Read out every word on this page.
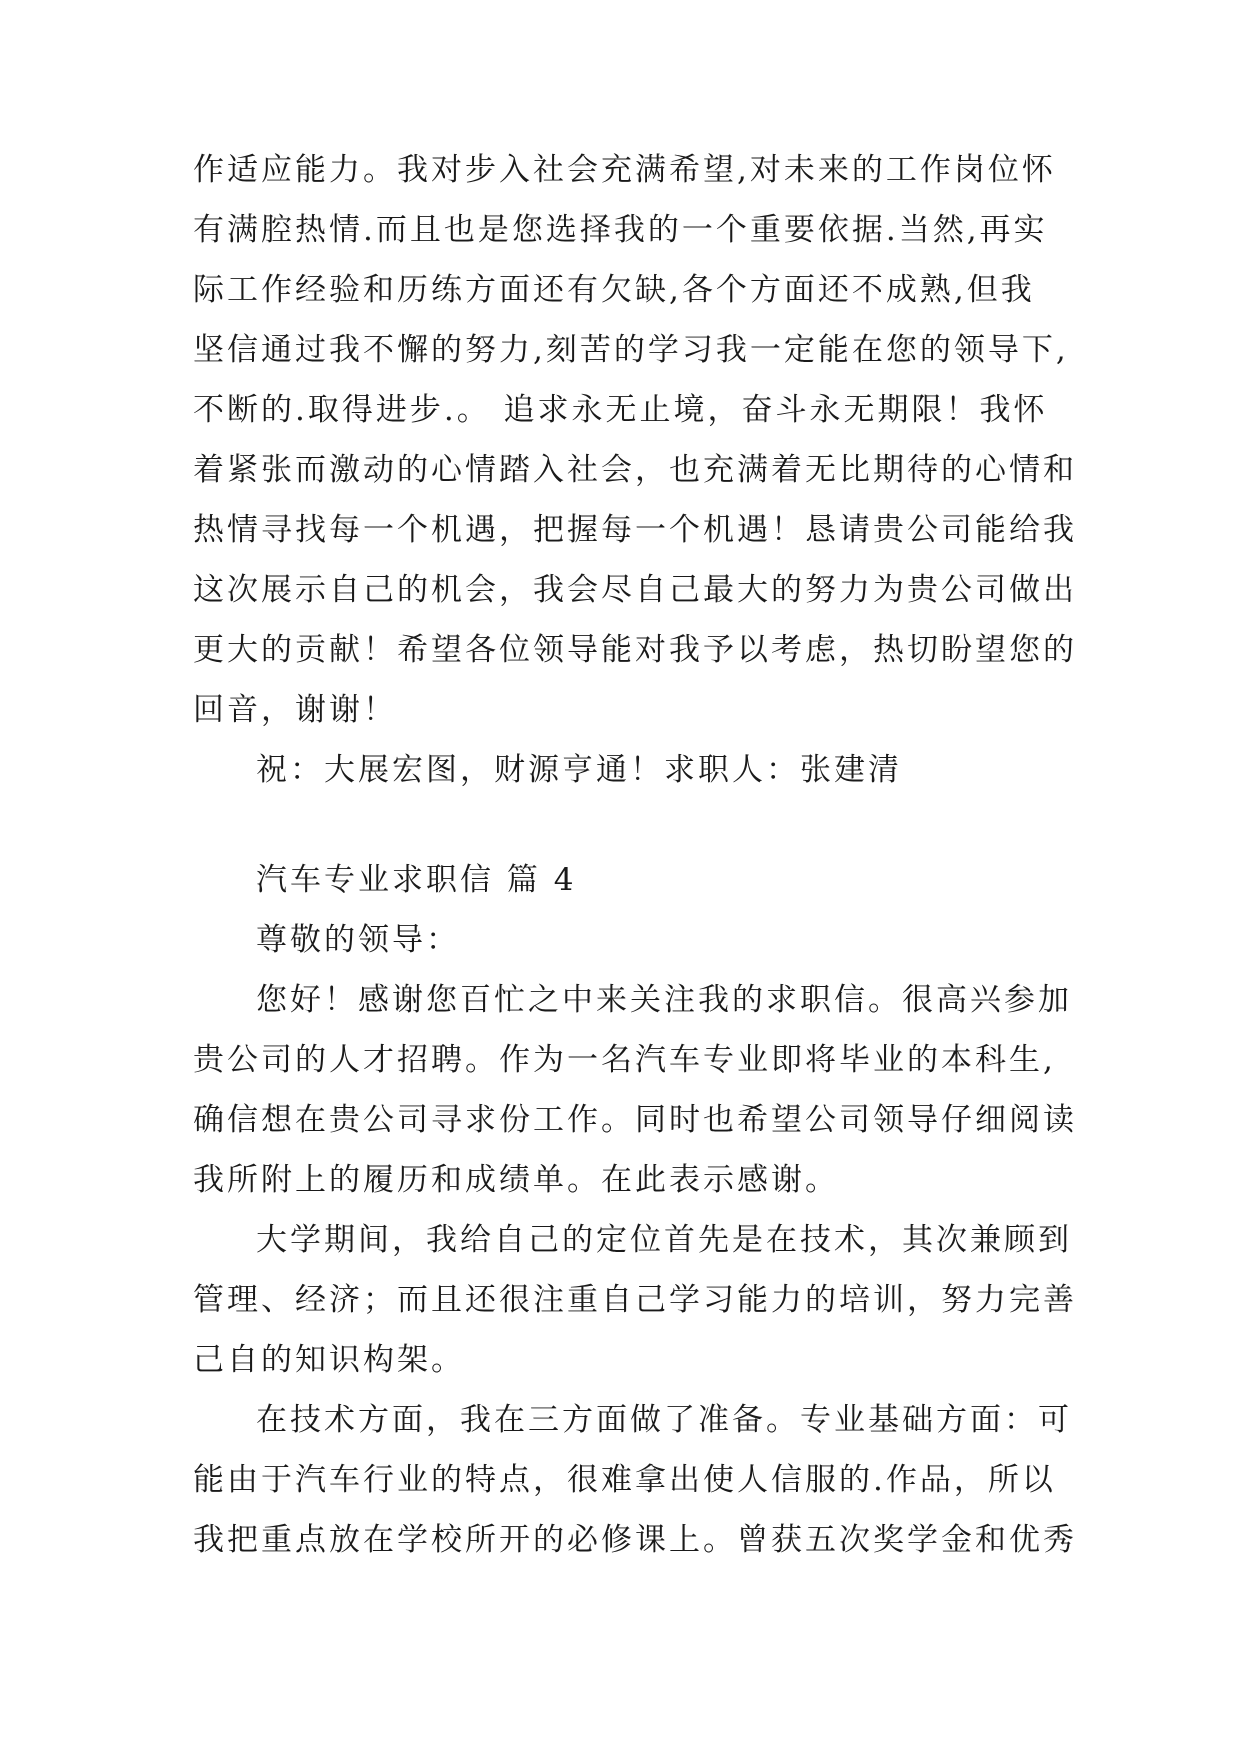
作适应能力。我对步入社会充满希望,对未来的工作岗位怀
有满腔热情.而且也是您选择我的一个重要依据.当然,再实
际工作经验和历练方面还有欠缺,各个方面还不成熟,但我
坚信通过我不懈的努力,刻苦的学习我一定能在您的领导下,
不断的.取得进步.。 追求永无止境，奋斗永无期限！我怀
着紧张而激动的心情踏入社会，也充满着无比期待的心情和
热情寻找每一个机遇，把握每一个机遇！恳请贵公司能给我
这次展示自己的机会，我会尽自己最大的努力为贵公司做出
更大的贡献！希望各位领导能对我予以考虑，热切盼望您的
回音，谢谢！
祝：大展宏图，财源亨通！求职人：张建清
汽车专业求职信 篇 4
尊敬的领导：
您好！感谢您百忙之中来关注我的求职信。很高兴参加
贵公司的人才招聘。作为一名汽车专业即将毕业的本科生,
确信想在贵公司寻求份工作。同时也希望公司领导仔细阅读
我所附上的履历和成绩单。在此表示感谢。
大学期间，我给自己的定位首先是在技术，其次兼顾到
管理、经济；而且还很注重自己学习能力的培训，努力完善
己自的知识构架。
在技术方面，我在三方面做了准备。专业基础方面：可
能由于汽车行业的特点，很难拿出使人信服的.作品，所以
我把重点放在学校所开的必修课上。曾获五次奖学金和优秀
